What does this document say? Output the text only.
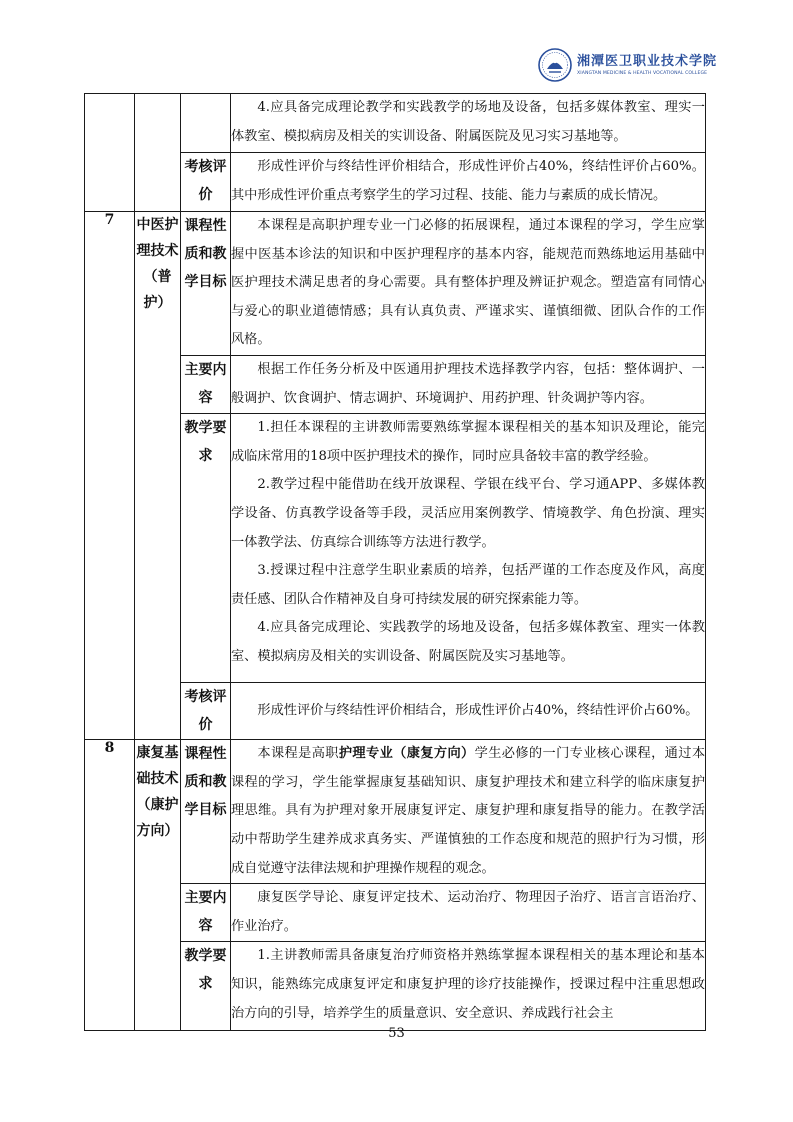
湘潭医卫职业技术学院
XIANGTAN MEDICINE & HEALTH VOCATIONAL COLLEGE

			4.应具备完成理论教学和实践教学的场地及设备，包括多媒体教室、理实一体教室、模拟病房及相关的实训设备、附属医院及见习实习基地等。

		考核评价	形成性评价与终结性评价相结合，形成性评价占40%，终结性评价占60%。其中形成性评价重点考察学生的学习过程、技能、能力与素质的成长情况。

7	中医护理技术（普护）	课程性质和教学目标	本课程是高职护理专业一门必修的拓展课程，通过本课程的学习，学生应掌握中医基本诊法的知识和中医护理程序的基本内容，能规范而熟练地运用基础中医护理技术满足患者的身心需要。具有整体护理及辨证护观念。塑造富有同情心与爱心的职业道德情感；具有认真负责、严谨求实、谨慎细微、团队合作的工作风格。

		主要内容	根据工作任务分析及中医通用护理技术选择教学内容，包括：整体调护、一般调护、饮食调护、情志调护、环境调护、用药护理、针灸调护等内容。

		教学要求	1.担任本课程的主讲教师需要熟练掌握本课程相关的基本知识及理论，能完成临床常用的18项中医护理技术的操作，同时应具备较丰富的教学经验。

2.教学过程中能借助在线开放课程、学银在线平台、学习通APP、多媒体教学设备、仿真教学设备等手段，灵活应用案例教学、情境教学、角色扮演、理实一体教学法、仿真综合训练等方法进行教学。

3.授课过程中注意学生职业素质的培养，包括严谨的工作态度及作风，高度责任感、团队合作精神及自身可持续发展的研究探索能力等。

4.应具备完成理论、实践教学的场地及设备，包括多媒体教室、理实一体教室、模拟病房及相关的实训设备、附属医院及实习基地等。

		考核评价	形成性评价与终结性评价相结合，形成性评价占40%，终结性评价占60%。

8	康复基础技术（康护方向）	课程性质和教学目标	本课程是高职护理专业（康复方向）学生必修的一门专业核心课程，通过本课程的学习，学生能掌握康复基础知识、康复护理技术和建立科学的临床康复护理思维。具有为护理对象开展康复评定、康复护理和康复指导的能力。在教学活动中帮助学生建养成求真务实、严谨慎独的工作态度和规范的照护行为习惯，形成自觉遵守法律法规和护理操作规程的观念。

		主要内容	康复医学导论、康复评定技术、运动治疗、物理因子治疗、语言言语治疗、作业治疗。

		教学要求	1.主讲教师需具备康复治疗师资格并熟练掌握本课程相关的基本理论和基本知识，能熟练完成康复评定和康复护理的诊疗技能操作，授课过程中注重思想政治方向的引导，培养学生的质量意识、安全意识、养成践行社会主

53
